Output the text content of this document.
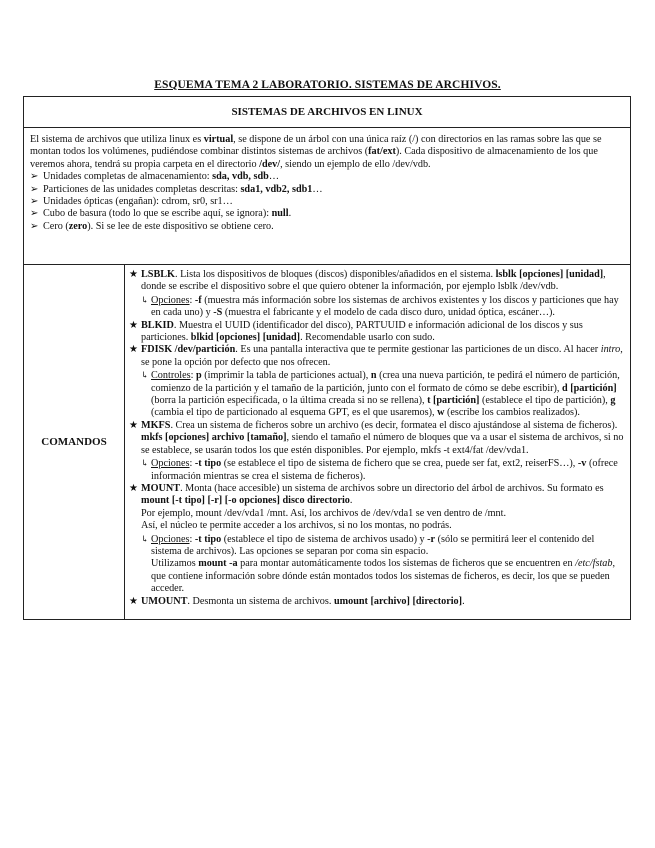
ESQUEMA TEMA 2 LABORATORIO. SISTEMAS DE ARCHIVOS.
SISTEMAS DE ARCHIVOS EN LINUX

El sistema de archivos que utiliza linux es virtual, se dispone de un árbol con una única raíz (/) con directorios en las ramas sobre las que se montan todos los volúmenes, pudiéndose combinar distintos sistemas de archivos (fat/ext). Cada dispositivo de almacenamiento de los que veremos ahora, tendrá su propia carpeta en el directorio /dev/, siendo un ejemplo de ello /dev/vdb.

➢ Unidades completas de almacenamiento: sda, vdb, sdb…

➢ Particiones de las unidades completas descritas: sda1, vdb2, sdb1…

➢ Unidades ópticas (engañan): cdrom, sr0, sr1…

➢ Cubo de basura (todo lo que se escribe aquí, se ignora): null.

➢ Cero (zero). Si se lee de este dispositivo se obtiene cero.

COMANDOS

★ LSBLK. Lista los dispositivos de bloques (discos) disponibles/añadidos en el sistema. lsblk [opciones] [unidad], donde se escribe el dispositivo sobre el que quiero obtener la información, por ejemplo lsblk /dev/vdb.

↳ Opciones: -f (muestra más información sobre los sistemas de archivos existentes y los discos y particiones que hay en cada uno) y -S (muestra el fabricante y el modelo de cada disco duro, unidad óptica, escáner…).

★ BLKID. Muestra el UUID (identificador del disco), PARTUUID e información adicional de los discos y sus particiones. blkid [opciones] [unidad]. Recomendable usarlo con sudo.

★ FDISK /dev/partición. Es una pantalla interactiva que te permite gestionar las particiones de un disco. Al hacer intro, se pone la opción por defecto que nos ofrecen.

↳ Controles: p (imprimir la tabla de particiones actual), n (crea una nueva partición, te pedirá el número de partición, comienzo de la partición y el tamaño de la partición, junto con el formato de cómo se debe escribir), d [partición] (borra la partición especificada, o la última creada si no se rellena), t [partición] (establece el tipo de partición), g (cambia el tipo de particionado al esquema GPT, es el que usaremos), w (escribe los cambios realizados).

★ MKFS. Crea un sistema de ficheros sobre un archivo (es decir, formatea el disco ajustándose al sistema de ficheros). mkfs [opciones] archivo [tamaño], siendo el tamaño el número de bloques que va a usar el sistema de archivos, si no se establece, se usarán todos los que estén disponibles. Por ejemplo, mkfs -t ext4/fat /dev/vda1.

↳ Opciones: -t tipo (se establece el tipo de sistema de fichero que se crea, puede ser fat, ext2, reiserFS…), -v (ofrece información mientras se crea el sistema de ficheros).

★ MOUNT. Monta (hace accesible) un sistema de archivos sobre un directorio del árbol de archivos. Su formato es mount [-t tipo] [-r] [-o opciones] disco directorio.

Por ejemplo, mount /dev/vda1 /mnt. Así, los archivos de /dev/vda1 se ven dentro de /mnt.

Así, el núcleo te permite acceder a los archivos, si no los montas, no podrás.

↳ Opciones: -t tipo (establece el tipo de sistema de archivos usado) y -r (sólo se permitirá leer el contenido del sistema de archivos). Las opciones se separan por coma sin espacio.

Utilizamos mount -a para montar automáticamente todos los sistemas de ficheros que se encuentren en /etc/fstab, que contiene información sobre dónde están montados todos los sistemas de ficheros, es decir, los que se pueden acceder.

★ UMOUNT. Desmonta un sistema de archivos. umount [archivo] [directorio].
